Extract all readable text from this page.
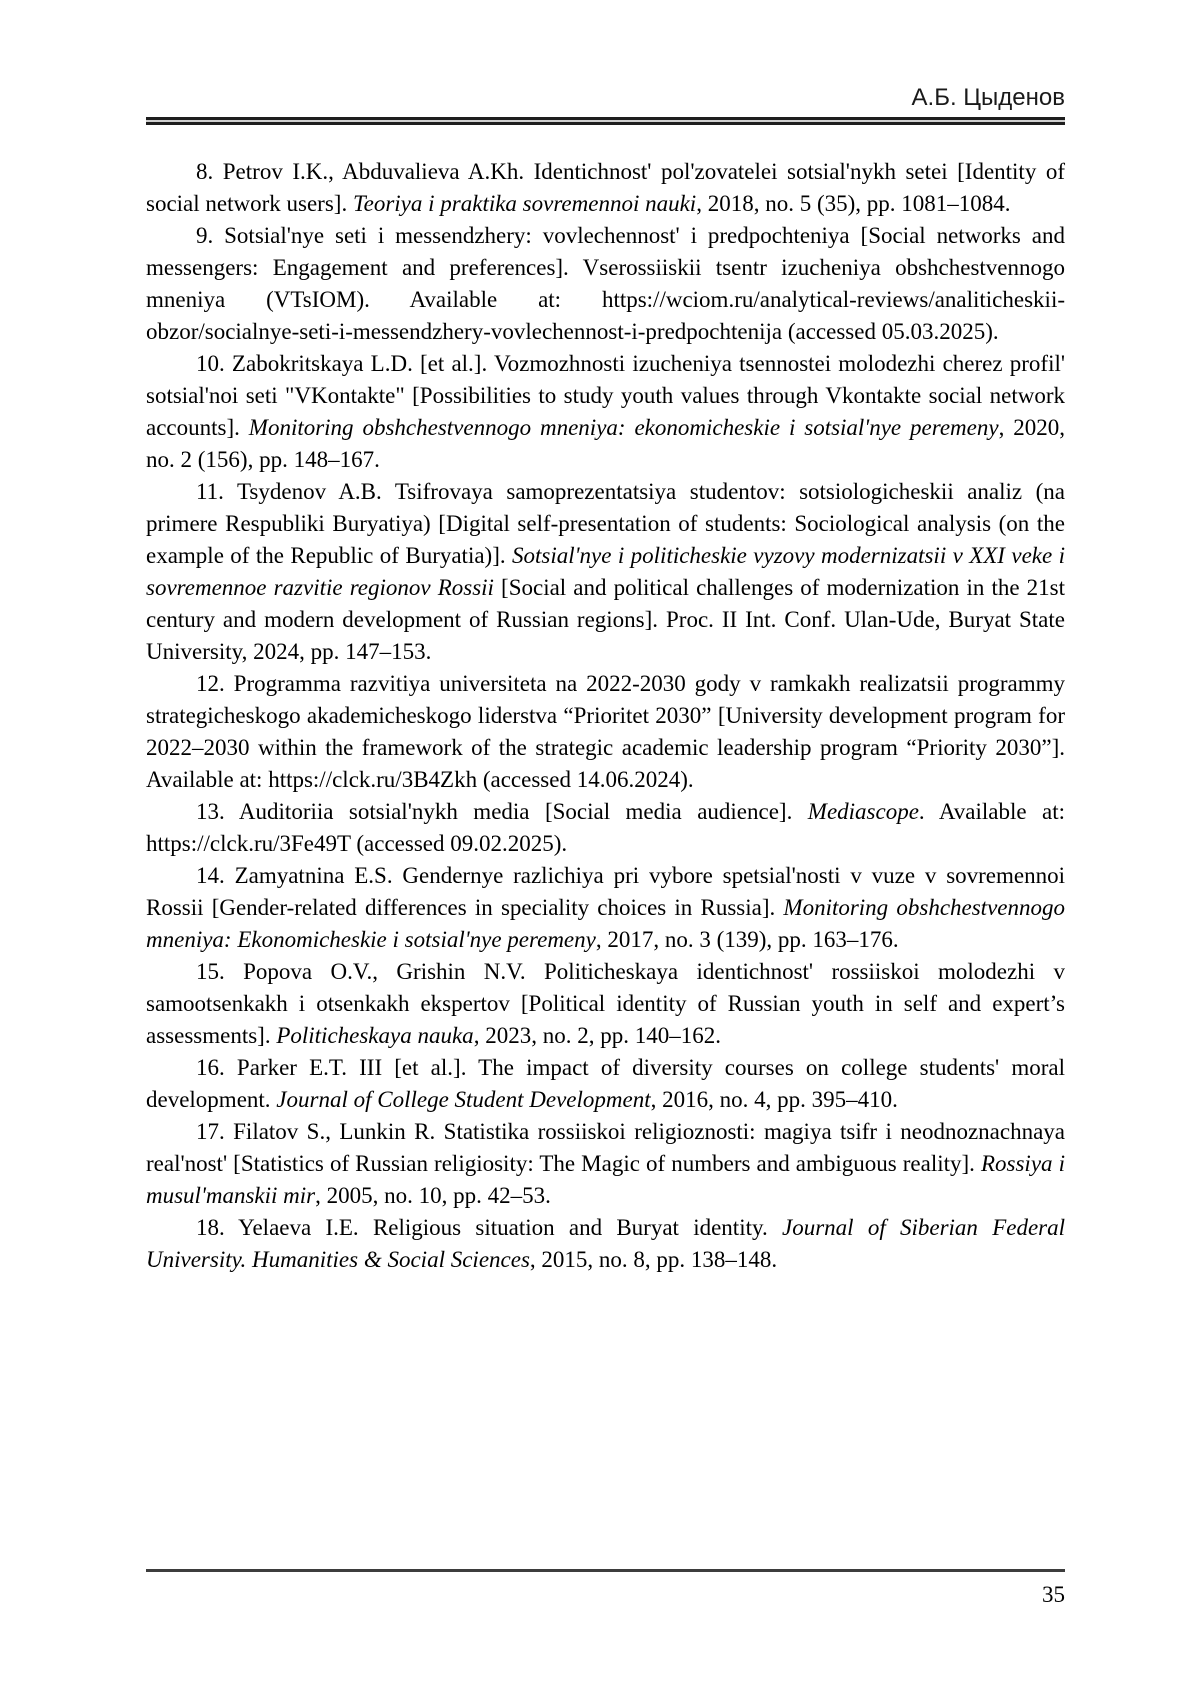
А.Б. Цыденов

8. Petrov I.K., Abduvalieva A.Kh. Identichnost' pol'zovatelei sotsial'nykh setei [Identity of social network users]. Teoriya i praktika sovremennoi nauki, 2018, no. 5 (35), pp. 1081–1084.

9. Sotsial'nye seti i messendzhery: vovlechennost' i predpochteniya [Social networks and messengers: Engagement and preferences]. Vserossiiskii tsentr izucheniya obshchestvennogo mneniya (VTsIOM). Available at: https://wciom.ru/analytical-reviews/analiticheskii-obzor/socialnye-seti-i-messendzhery-vovlechennost-i-predpochtenija (accessed 05.03.2025).

10. Zabokritskaya L.D. [et al.]. Vozmozhnosti izucheniya tsennostei molodezhi cherez profil' sotsial'noi seti "VKontakte" [Possibilities to study youth values through Vkontakte social network accounts]. Monitoring obshchestvennogo mneniya: ekonomicheskie i sotsial'nye peremeny, 2020, no. 2 (156), pp. 148–167.

11. Tsydenov A.B. Tsifrovaya samoprezentatsiya studentov: sotsiologicheskii analiz (na primere Respubliki Buryatiya) [Digital self-presentation of students: Sociological analysis (on the example of the Republic of Buryatia)]. Sotsial'nye i politicheskie vyzovy modernizatsii v XXI veke i sovremennoe razvitie regionov Rossii [Social and political challenges of modernization in the 21st century and modern development of Russian regions]. Proc. II Int. Conf. Ulan-Ude, Buryat State University, 2024, pp. 147–153.

12. Programma razvitiya universiteta na 2022-2030 gody v ramkakh realizatsii programmy strategicheskogo akademicheskogo liderstva “Prioritet 2030” [University development program for 2022–2030 within the framework of the strategic academic leadership program “Priority 2030”]. Available at: https://clck.ru/3B4Zkh (accessed 14.06.2024).

13. Auditoriia sotsial'nykh media [Social media audience]. Mediascope. Available at: https://clck.ru/3Fe49T (accessed 09.02.2025).

14. Zamyatnina E.S. Gendernye razlichiya pri vybore spetsial'nosti v vuze v sovremennoi Rossii [Gender-related differences in speciality choices in Russia]. Monitoring obshchestvennogo mneniya: Ekonomicheskie i sotsial'nye peremeny, 2017, no. 3 (139), pp. 163–176.

15. Popova O.V., Grishin N.V. Politicheskaya identichnost' rossiiskoi molodezhi v samootsenkakh i otsenkakh ekspertov [Political identity of Russian youth in self and expert’s assessments]. Politicheskaya nauka, 2023, no. 2, pp. 140–162.

16. Parker E.T. III [et al.]. The impact of diversity courses on college students' moral development. Journal of College Student Development, 2016, no. 4, pp. 395–410.

17. Filatov S., Lunkin R. Statistika rossiiskoi religioznosti: magiya tsifr i neodnoznachnaya real'nost' [Statistics of Russian religiosity: The Magic of numbers and ambiguous reality]. Rossiya i musul'manskii mir, 2005, no. 10, pp. 42–53.

18. Yelaeva I.E. Religious situation and Buryat identity. Journal of Siberian Federal University. Humanities & Social Sciences, 2015, no. 8, pp. 138–148.

35
